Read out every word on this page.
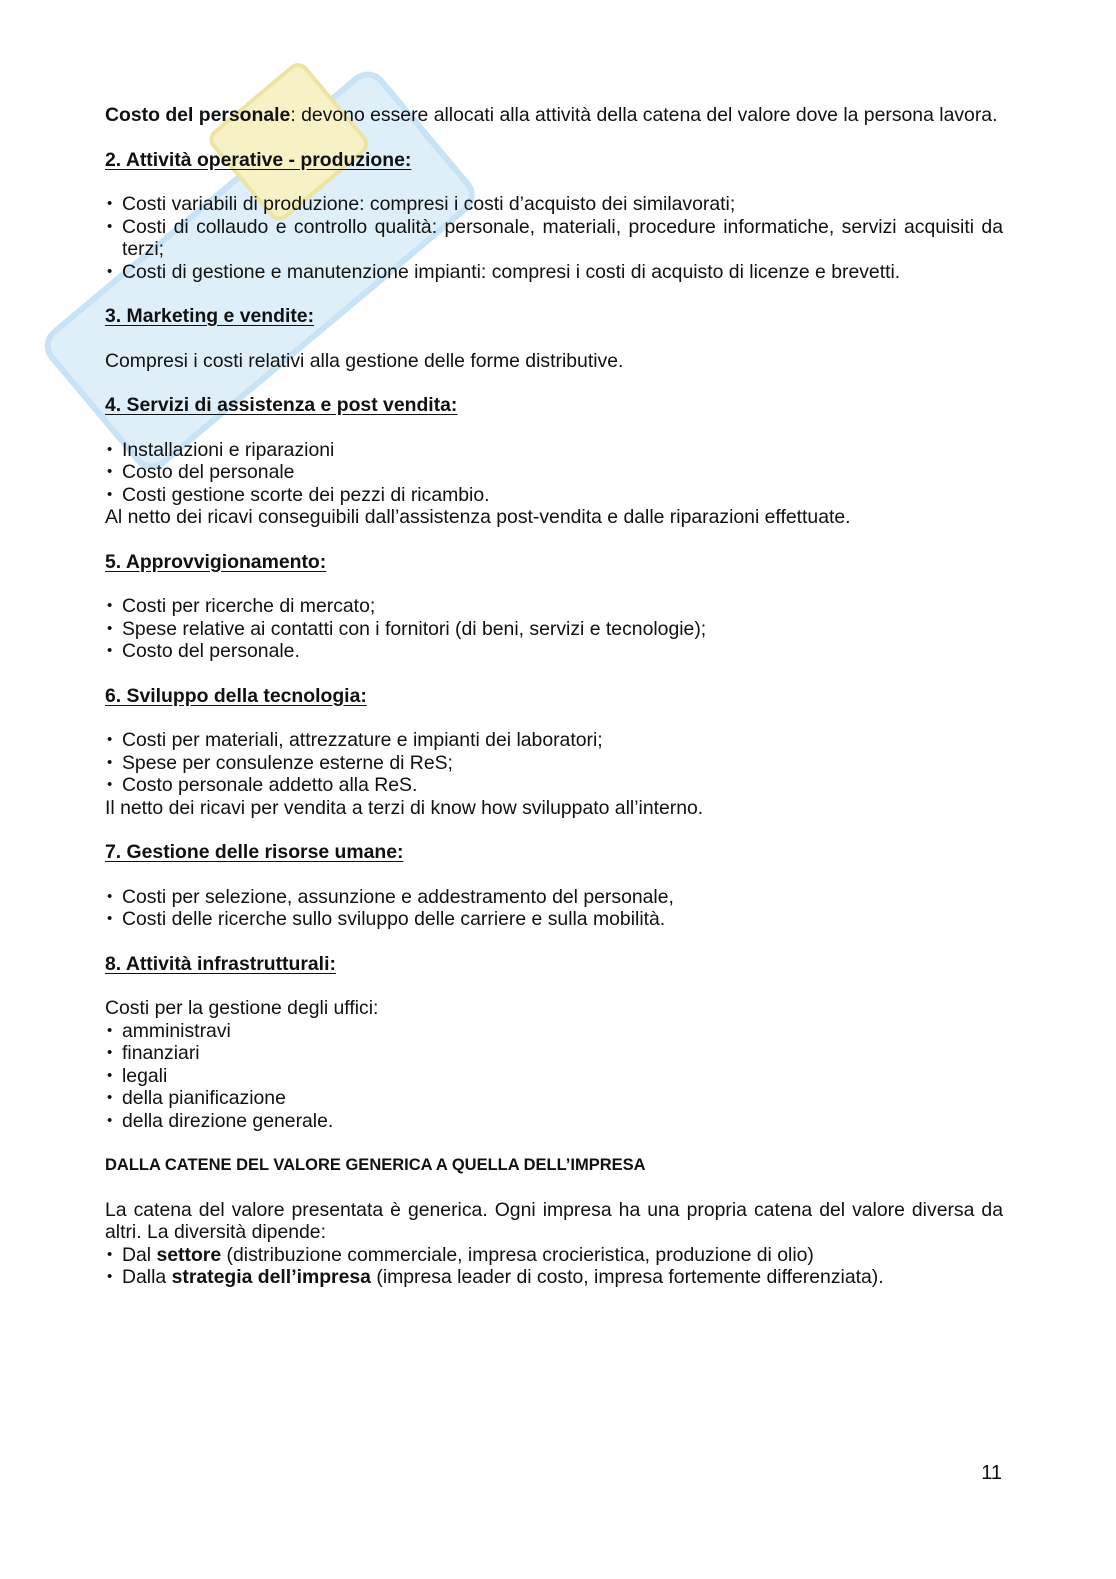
Costo del personale: devono essere allocati alla attività della catena del valore dove la persona lavora.

2. Attività operative - produzione:

• Costi variabili di produzione: compresi i costi d’acquisto dei similavorati;
• Costi di collaudo e controllo qualità: personale, materiali, procedure informatiche, servizi acquisiti da terzi;
• Costi di gestione e manutenzione impianti: compresi i costi di acquisto di licenze e brevetti.

3. Marketing e vendite:

Compresi i costi relativi alla gestione delle forme distributive.

4. Servizi di assistenza e post vendita:

• Installazioni e riparazioni
• Costo del personale
• Costi gestione scorte dei pezzi di ricambio.

Al netto dei ricavi conseguibili dall’assistenza post-vendita e dalle riparazioni effettuate.

5. Approvvigionamento:

• Costi per ricerche di mercato;
• Spese relative ai contatti con i fornitori (di beni, servizi e tecnologie);
• Costo del personale.

6. Sviluppo della tecnologia:

• Costi per materiali, attrezzature e impianti dei laboratori;
• Spese per consulenze esterne di ReS;
• Costo personale addetto alla ReS.

Il netto dei ricavi per vendita a terzi di know how sviluppato all’interno.

7. Gestione delle risorse umane:

• Costi per selezione, assunzione e addestramento del personale,
• Costi delle ricerche sullo sviluppo delle carriere e sulla mobilità.

8. Attività infrastrutturali:

Costi per la gestione degli uffici:

• amministravi
• finanziari
• legali
• della pianificazione
• della direzione generale.

DALLA CATENE DEL VALORE GENERICA A QUELLA DELL’IMPRESA

La catena del valore presentata è generica. Ogni impresa ha una propria catena del valore diversa da altri. La diversità dipende:

• Dal settore (distribuzione commerciale, impresa crocieristica, produzione di olio)
• Dalla strategia dell’impresa (impresa leader di costo, impresa fortemente differenziata).
11
